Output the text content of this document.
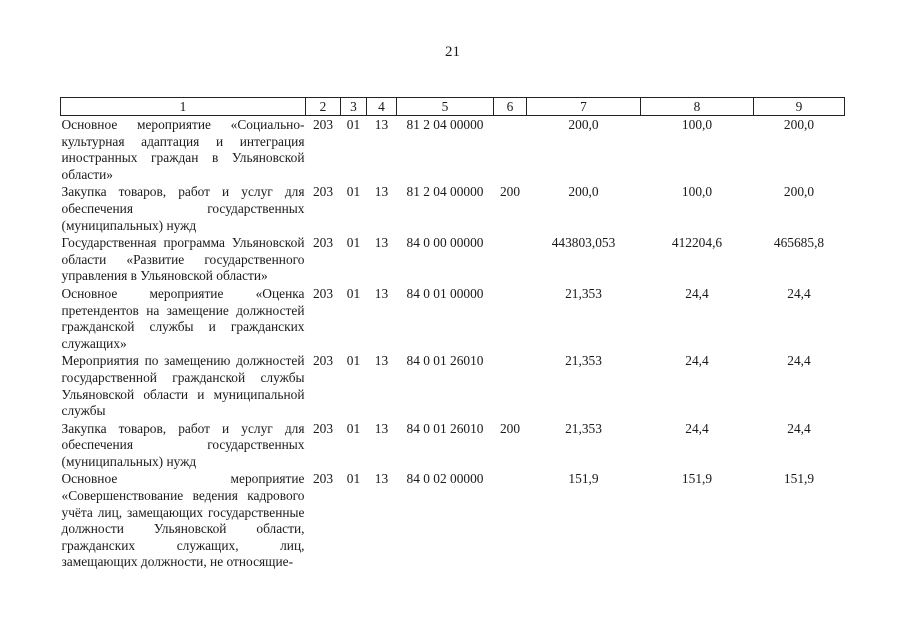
21
1	2	3	4	5	6	7	8	9
Основное мероприятие «Социально-культурная адаптация и интеграция иностранных граждан в Ульяновской области»	203	01	13	81 2 04 00000		200,0	100,0	200,0
Закупка товаров, работ и услуг для обеспечения государственных (муниципальных) нужд	203	01	13	81 2 04 00000	200	200,0	100,0	200,0
Государственная программа Ульяновской области «Развитие государственного управления в Ульяновской области»	203	01	13	84 0 00 00000		443803,053	412204,6	465685,8
Основное мероприятие «Оценка претендентов на замещение должностей гражданской службы и гражданских служащих»	203	01	13	84 0 01 00000		21,353	24,4	24,4
Мероприятия по замещению должностей государственной гражданской службы Ульяновской области и муниципальной службы	203	01	13	84 0 01 26010		21,353	24,4	24,4
Закупка товаров, работ и услуг для обеспечения государственных (муниципальных) нужд	203	01	13	84 0 01 26010	200	21,353	24,4	24,4
Основное мероприятие «Совершенствование ведения кадрового учёта лиц, замещающих государственные должности Ульяновской области, гражданских служащих, лиц, замещающих должности, не относящие-	203	01	13	84 0 02 00000		151,9	151,9	151,9
